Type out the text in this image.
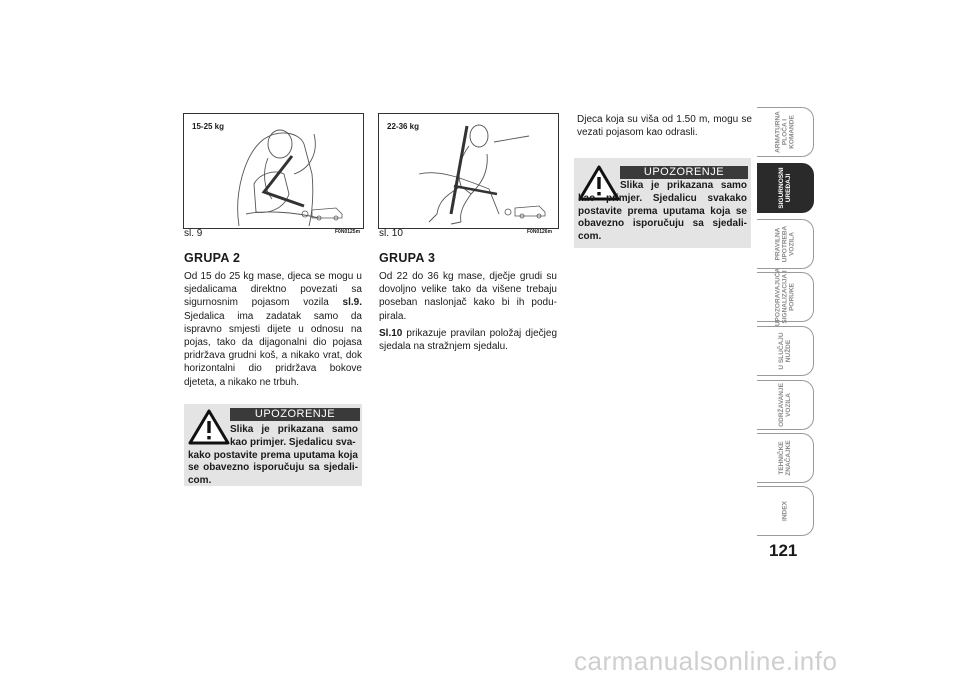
15-25 kg
sl. 9	F0N0125m
22-36 kg
sl. 10	F0N0126m
GRUPA 2

Od 15 do 25 kg mase, djeca se mogu u sjedalicama direktno povezati sa sigurnosnim pojasom vozila sl.9. Sjedalica ima zadatak samo da ispravno smjesti dijete u odnosu na pojas, tako da dijagonalni dio pojasa pridržava grudni koš, a nikako vrat, dok horizontalni dio pridržava bokove djeteta, a nikako ne trbuh.

UPOZORENJE
Slika je prikazana samo kao primjer. Sjedalicu sva-
kako postavite prema uputama koja se obavezno isporučuju sa sjedali-com.
GRUPA 3

Od 22 do 36 kg mase, dječje grudi su dovoljno velike tako da višene trebaju poseban naslonjač kako bi ih podu-pirala.

Sl.10 prikazuje pravilan položaj dječjeg sjedala na stražnjem sjedalu.

Djeca koja su viša od 1.50 m, mogu se vezati pojasom kao odrasli.

UPOZORENJE
Slika je prikazana samo kao primjer. Sjedalicu svakako postavite prema uputama koja se obavezno isporučuju sa sjedali-com.
ARMATURNA
PLOČA I
KOMANDE
SIGURNOSNI
UREĐAJI
PRAVILNA
UPOTREBA
VOZILA
UPOZORAVAJUĆA
SIGNALIZACIJA I
PORUKE
U SLUČAJU
NUŽDE
ODRŽAVANJE
VOZILA
TEHNIČKE
ZNAČAJKE
INDEX
121
carmanualsonline.info
